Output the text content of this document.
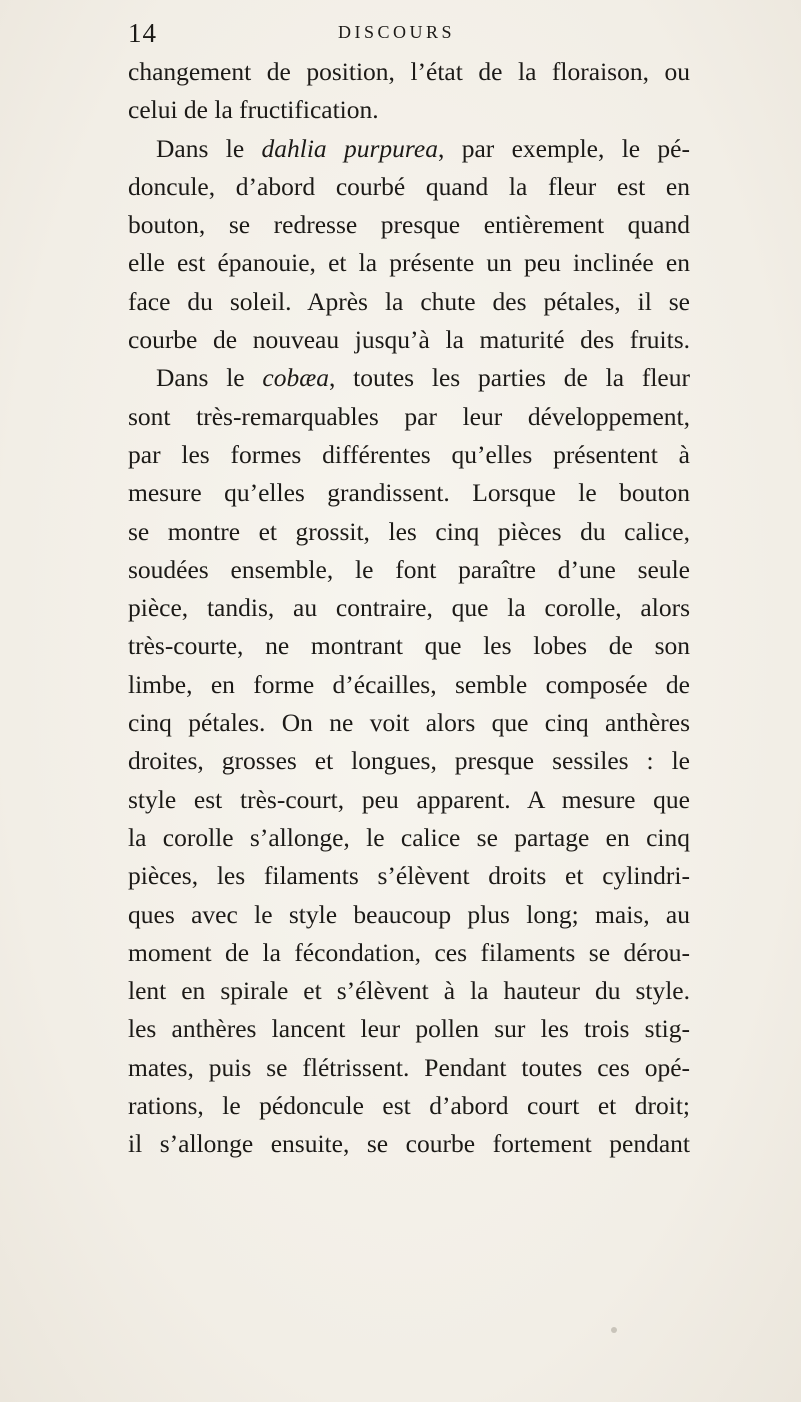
14	DISCOURS
changement de position, l’état de la floraison, ou
celui de la fructification.
Dans le dahlia purpurea, par exemple, le pé-
doncule, d’abord courbé quand la fleur est en
bouton, se redresse presque entièrement quand
elle est épanouie, et la présente un peu inclinée en
face du soleil. Après la chute des pétales, il se
courbe de nouveau jusqu’à la maturité des fruits.
Dans le cobæa, toutes les parties de la fleur
sont très-remarquables par leur développement,
par les formes différentes qu’elles présentent à
mesure qu’elles grandissent. Lorsque le bouton
se montre et grossit, les cinq pièces du calice,
soudées ensemble, le font paraître d’une seule
pièce, tandis, au contraire, que la corolle, alors
très-courte, ne montrant que les lobes de son
limbe, en forme d’écailles, semble composée de
cinq pétales. On ne voit alors que cinq anthères
droites, grosses et longues, presque sessiles : le
style est très-court, peu apparent. A mesure que
la corolle s’allonge, le calice se partage en cinq
pièces, les filaments s’élèvent droits et cylindri-
ques avec le style beaucoup plus long; mais, au
moment de la fécondation, ces filaments se dérou-
lent en spirale et s’élèvent à la hauteur du style.
les anthères lancent leur pollen sur les trois stig-
mates, puis se flétrissent. Pendant toutes ces opé-
rations, le pédoncule est d’abord court et droit;
il s’allonge ensuite, se courbe fortement pendant
